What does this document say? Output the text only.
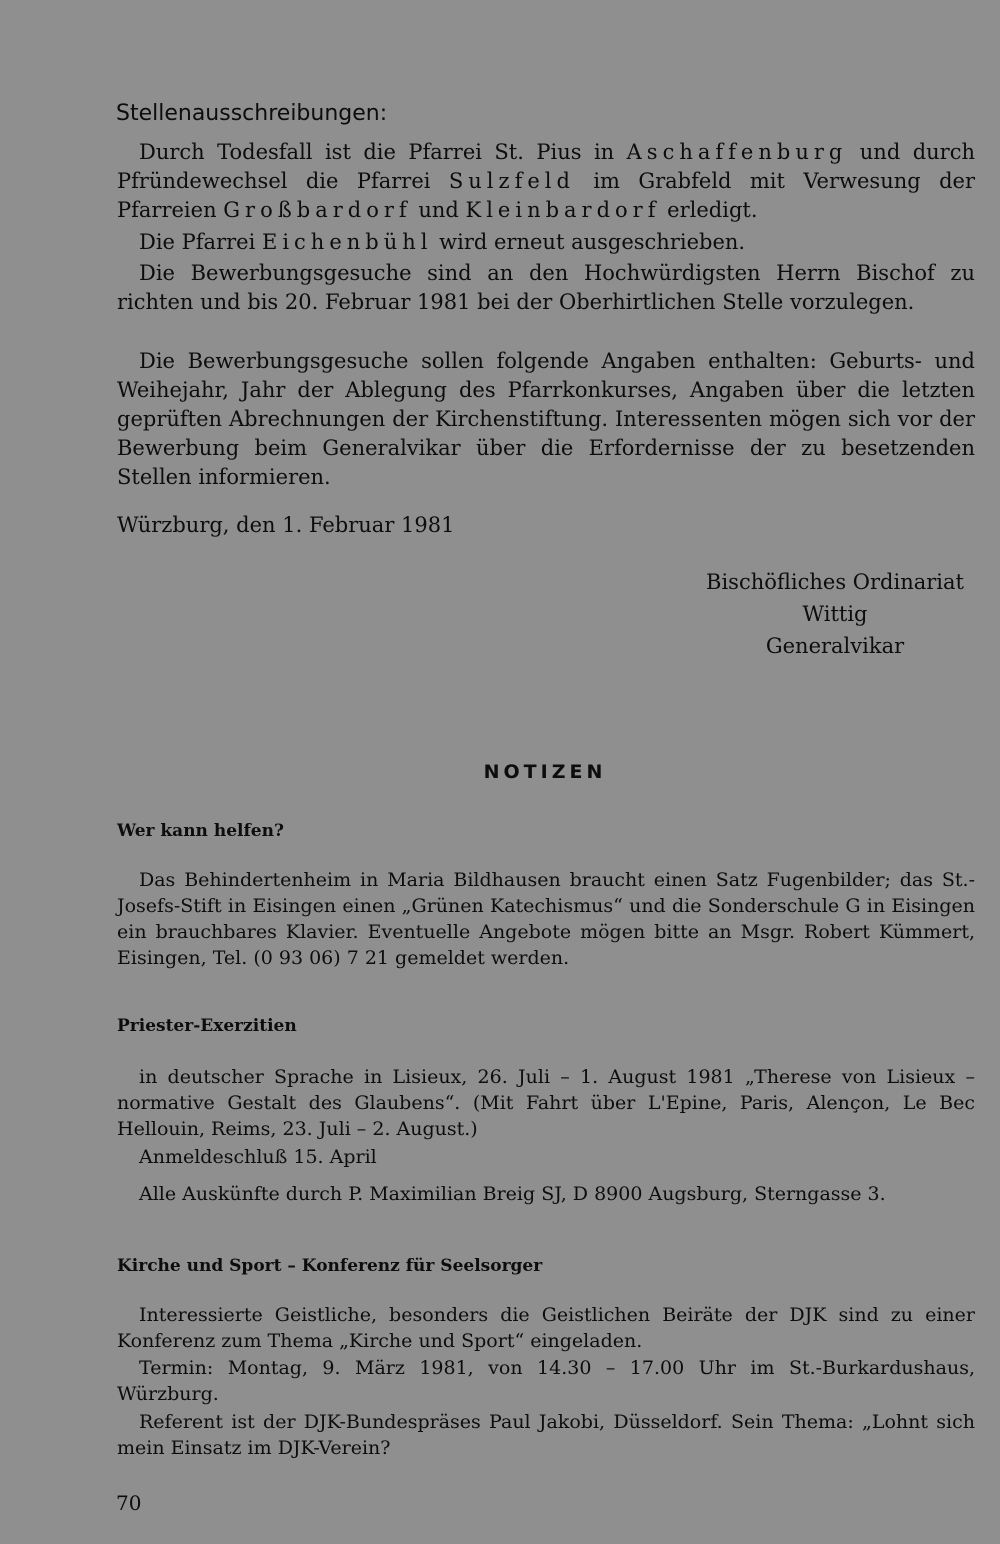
Stellenausschreibungen:
Durch Todesfall ist die Pfarrei St. Pius in Aschaffenburg und durch Pfründewechsel die Pfarrei Sulzfeld im Grabfeld mit Verwesung der Pfarreien Großbardorf und Kleinbardorf erledigt.
Die Pfarrei Eichenbühl wird erneut ausgeschrieben.
Die Bewerbungsgesuche sind an den Hochwürdigsten Herrn Bischof zu richten und bis 20. Februar 1981 bei der Oberhirtlichen Stelle vorzulegen.
Die Bewerbungsgesuche sollen folgende Angaben enthalten: Geburts- und Weihejahr, Jahr der Ablegung des Pfarrkonkurses, Angaben über die letzten geprüften Abrechnungen der Kirchenstiftung. Interessenten mögen sich vor der Bewerbung beim Generalvikar über die Erfordernisse der zu besetzenden Stellen informieren.
Würzburg, den 1. Februar 1981
Bischöfliches Ordinariat
Wittig
Generalvikar
NOTIZEN
Wer kann helfen?
Das Behindertenheim in Maria Bildhausen braucht einen Satz Fugenbilder; das St.-Josefs-Stift in Eisingen einen „Grünen Katechismus“ und die Sonderschule G in Eisingen ein brauchbares Klavier. Eventuelle Angebote mögen bitte an Msgr. Robert Kümmert, Eisingen, Tel. (0 93 06) 7 21 gemeldet werden.
Priester-Exerzitien
in deutscher Sprache in Lisieux, 26. Juli – 1. August 1981 „Therese von Lisieux – normative Gestalt des Glaubens“. (Mit Fahrt über L'Epine, Paris, Alençon, Le Bec Hellouin, Reims, 23. Juli – 2. August.)
Anmeldeschluß 15. April
Alle Auskünfte durch P. Maximilian Breig SJ, D 8900 Augsburg, Sterngasse 3.
Kirche und Sport – Konferenz für Seelsorger
Interessierte Geistliche, besonders die Geistlichen Beiräte der DJK sind zu einer Konferenz zum Thema „Kirche und Sport“ eingeladen.
Termin: Montag, 9. März 1981, von 14.30 – 17.00 Uhr im St.-Burkardushaus, Würzburg.
Referent ist der DJK-Bundespräses Paul Jakobi, Düsseldorf. Sein Thema: „Lohnt sich mein Einsatz im DJK-Verein?
70
